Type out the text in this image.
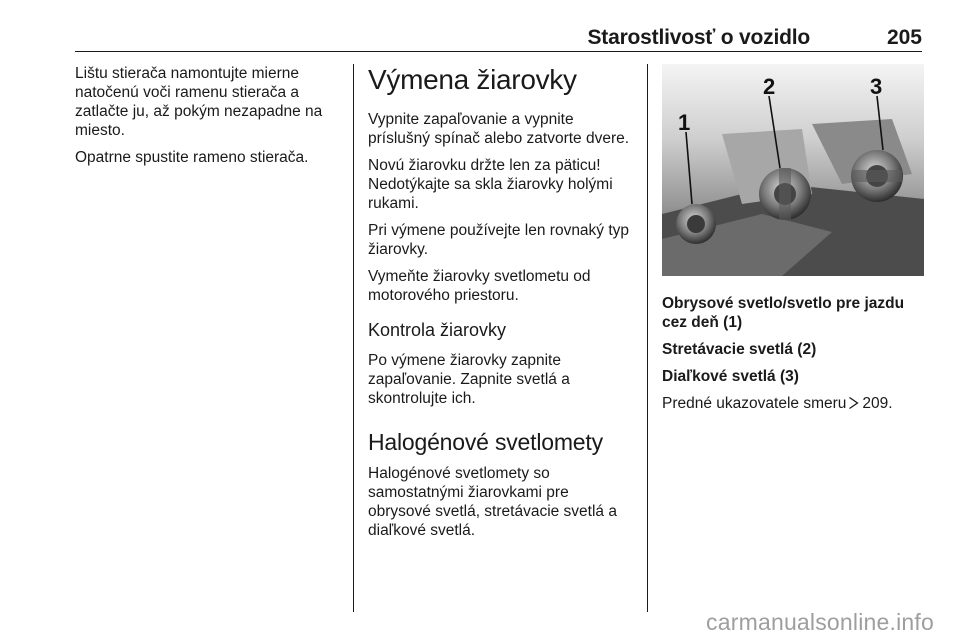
Starostlivosť o vozidlo	205

Lištu stierača namontujte mierne natočenú voči ramenu stierača a zatlačte ju, až pokým nezapadne na miesto.

Opatrne spustite rameno stierača.

Výmena žiarovky

Vypnite zapaľovanie a vypnite príslušný spínač alebo zatvorte dvere.

Novú žiarovku držte len za päticu! Nedotýkajte sa skla žiarovky holými rukami.

Pri výmene používejte len rovnaký typ žiarovky.

Vymeňte žiarovky svetlometu od motorového priestoru.

Kontrola žiarovky

Po výmene žiarovky zapnite zapaľovanie. Zapnite svetlá a skontrolujte ich.

Halogénové svetlomety

Halogénové svetlomety so samostatnými žiarovkami pre obrysové svetlá, stretávacie svetlá a diaľkové svetlá.

1
2	3

Obrysové svetlo/svetlo pre jazdu cez deň (1)

Stretávacie svetlá (2)

Diaľkové svetlá (3)

Predné ukazovatele smeru 209.

carmanualsonline.info
